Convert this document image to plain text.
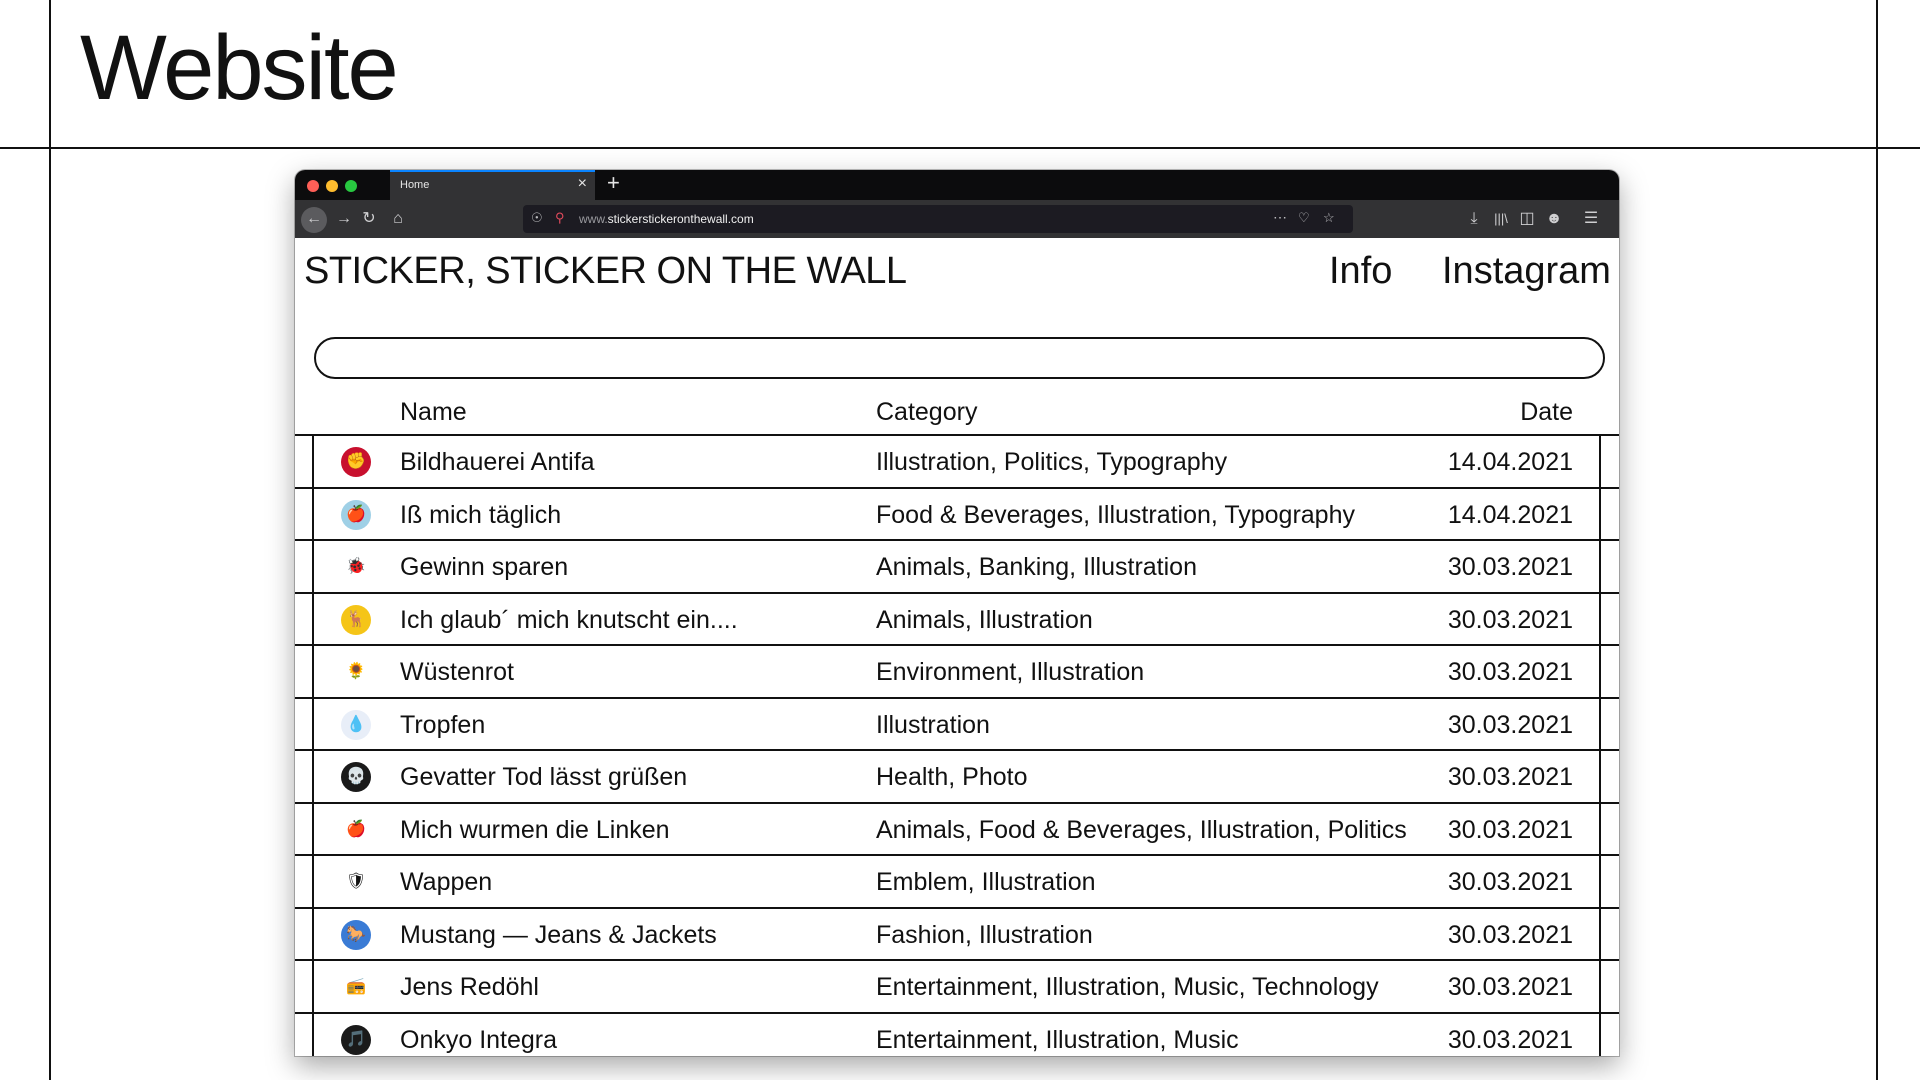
Website
Home	× +
← → ↻	⌂	☉ ⚲ www.stickerstickeronthewall.com	⋯ ♡ ☆	⤓	|||\ ◫ ☻ ☰
STICKER, STICKER ON THE WALL	Info Instagram
Name	Category	Date
✊ Bildhauerei Antifa	Illustration, Politics, Typography	14.04.2021
🍎 Iß mich täglich	Food & Beverages, Illustration, Typography	14.04.2021
🐞 Gewinn sparen	Animals, Banking, Illustration	30.03.2021
🦌 Ich glaub´ mich knutscht ein....	Animals, Illustration	30.03.2021
🌻 Wüstenrot	Environment, Illustration	30.03.2021
💧 Tropfen	Illustration	30.03.2021
💀 Gevatter Tod lässt grüßen	Health, Photo	30.03.2021
🍎 Mich wurmen die Linken	Animals, Food & Beverages, Illustration, Politics 30.03.2021
🛡 Wappen	Emblem, Illustration	30.03.2021
🐎 Mustang — Jeans & Jackets	Fashion, Illustration	30.03.2021
📻 Jens Redöhl	Entertainment, Illustration, Music, Technology	30.03.2021
🎵 Onkyo Integra	Entertainment, Illustration, Music	30.03.2021
